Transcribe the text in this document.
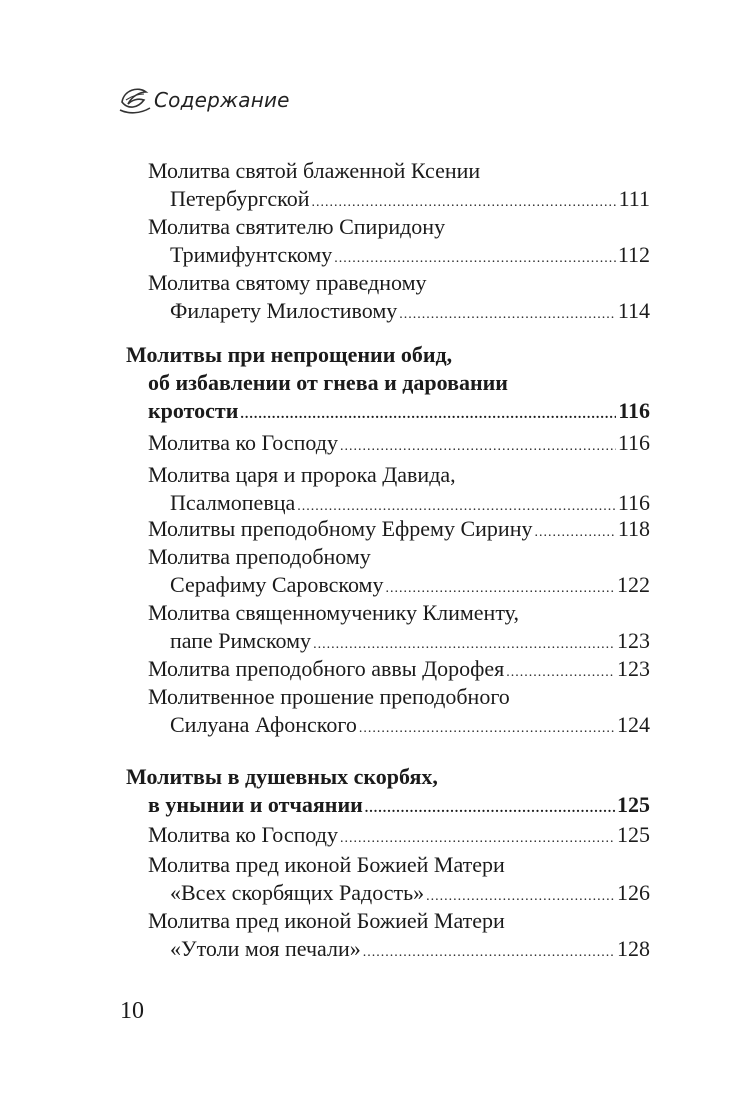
Содержание
Молитва святой блаженной Ксении
Петербургской .....	111
Молитва святителю Спиридону
Тримифунтскому .....	112
Молитва святому праведному
Филарету Милостивому .....	114
Молитвы при непрощении обид,
об избавлении от гнева и даровании
кротости .....	116
Молитва ко Господу .....	116
Молитва царя и пророка Давида,
Псалмопевца .....	116
Молитвы преподобному Ефрему Сирину .....	118
Молитва преподобному
Серафиму Саровскому .....	122
Молитва священномученику Клименту,
папе Римскому .....	123
Молитва преподобного аввы Дорофея .....	123
Молитвенное прошение преподобного
Силуана Афонского .....	124
Молитвы в душевных скорбях,
в унынии и отчаянии .....	125
Молитва ко Господу .....	125
Молитва пред иконой Божией Матери
«Всех скорбящих Радость» .....	126
Молитва пред иконой Божией Матери
«Утоли моя печали» .....	128
10
